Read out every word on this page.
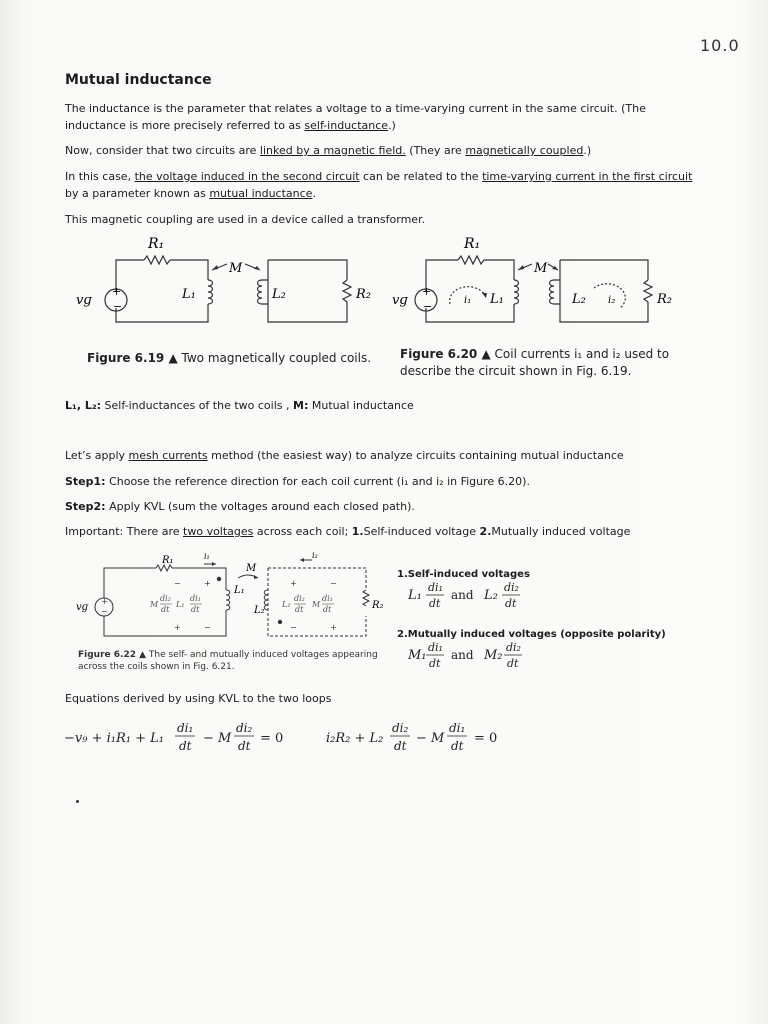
10.0
Mutual inductance
The inductance is the parameter that relates a voltage to a time-varying current in the same circuit. (The inductance is more precisely referred to as self-inductance.)
Now, consider that two circuits are linked by a magnetic field. (They are magnetically coupled.)
In this case, the voltage induced in the second circuit can be related to the time-varying current in the first circuit by a parameter known as mutual inductance.
This magnetic coupling are used in a device called a transformer.
R₁
M
L₁	L₂	R₂
vɡ
+
−
Figure 6.19 ▲ Two magnetically coupled coils.
R₁
M
i₁ L₁	L₂ i₂	R₂
vɡ
+
−
Figure 6.20 ▲ Coil currents i₁ and i₂ used to describe the circuit shown in Fig. 6.19.
L₁, L₂: Self-inductances of the two coils , M: Mutual inductance
Let’s apply mesh currents method (the easiest way) to analyze circuits containing mutual inductance
Step1: Choose the reference direction for each coil current (i₁ and i₂ in Figure 6.20).
Step2: Apply KVL (sum the voltages around each closed path).
Important: There are two voltages across each coil; 1.Self-induced voltage 2.Mutually induced voltage
R₁	i₁
M
i₂
vɡ
L₁
L₂	R₂
−	+
+	−
+	−
−	+
+
−
M
di₂
dt
L₁
di₁
dt
L₂
di₂
dt
M
di₁
dt
Figure 6.22 ▲ The self- and mutually induced voltages appearing across the coils shown in Fig. 6.21.
1.Self-induced voltages
L₁
di₁
dt
and L₂
di₂
dt
2.Mutually induced voltages (opposite polarity)
M₁
di₁
dt
and M₂
di₂
dt
Equations derived by using KVL to the two loops
−v₉ + i₁R₁ + L₁
di₁
dt − M
di₂
dt = 0	i₂R₂ + L₂
di₂
dt − M
di₁
dt = 0
